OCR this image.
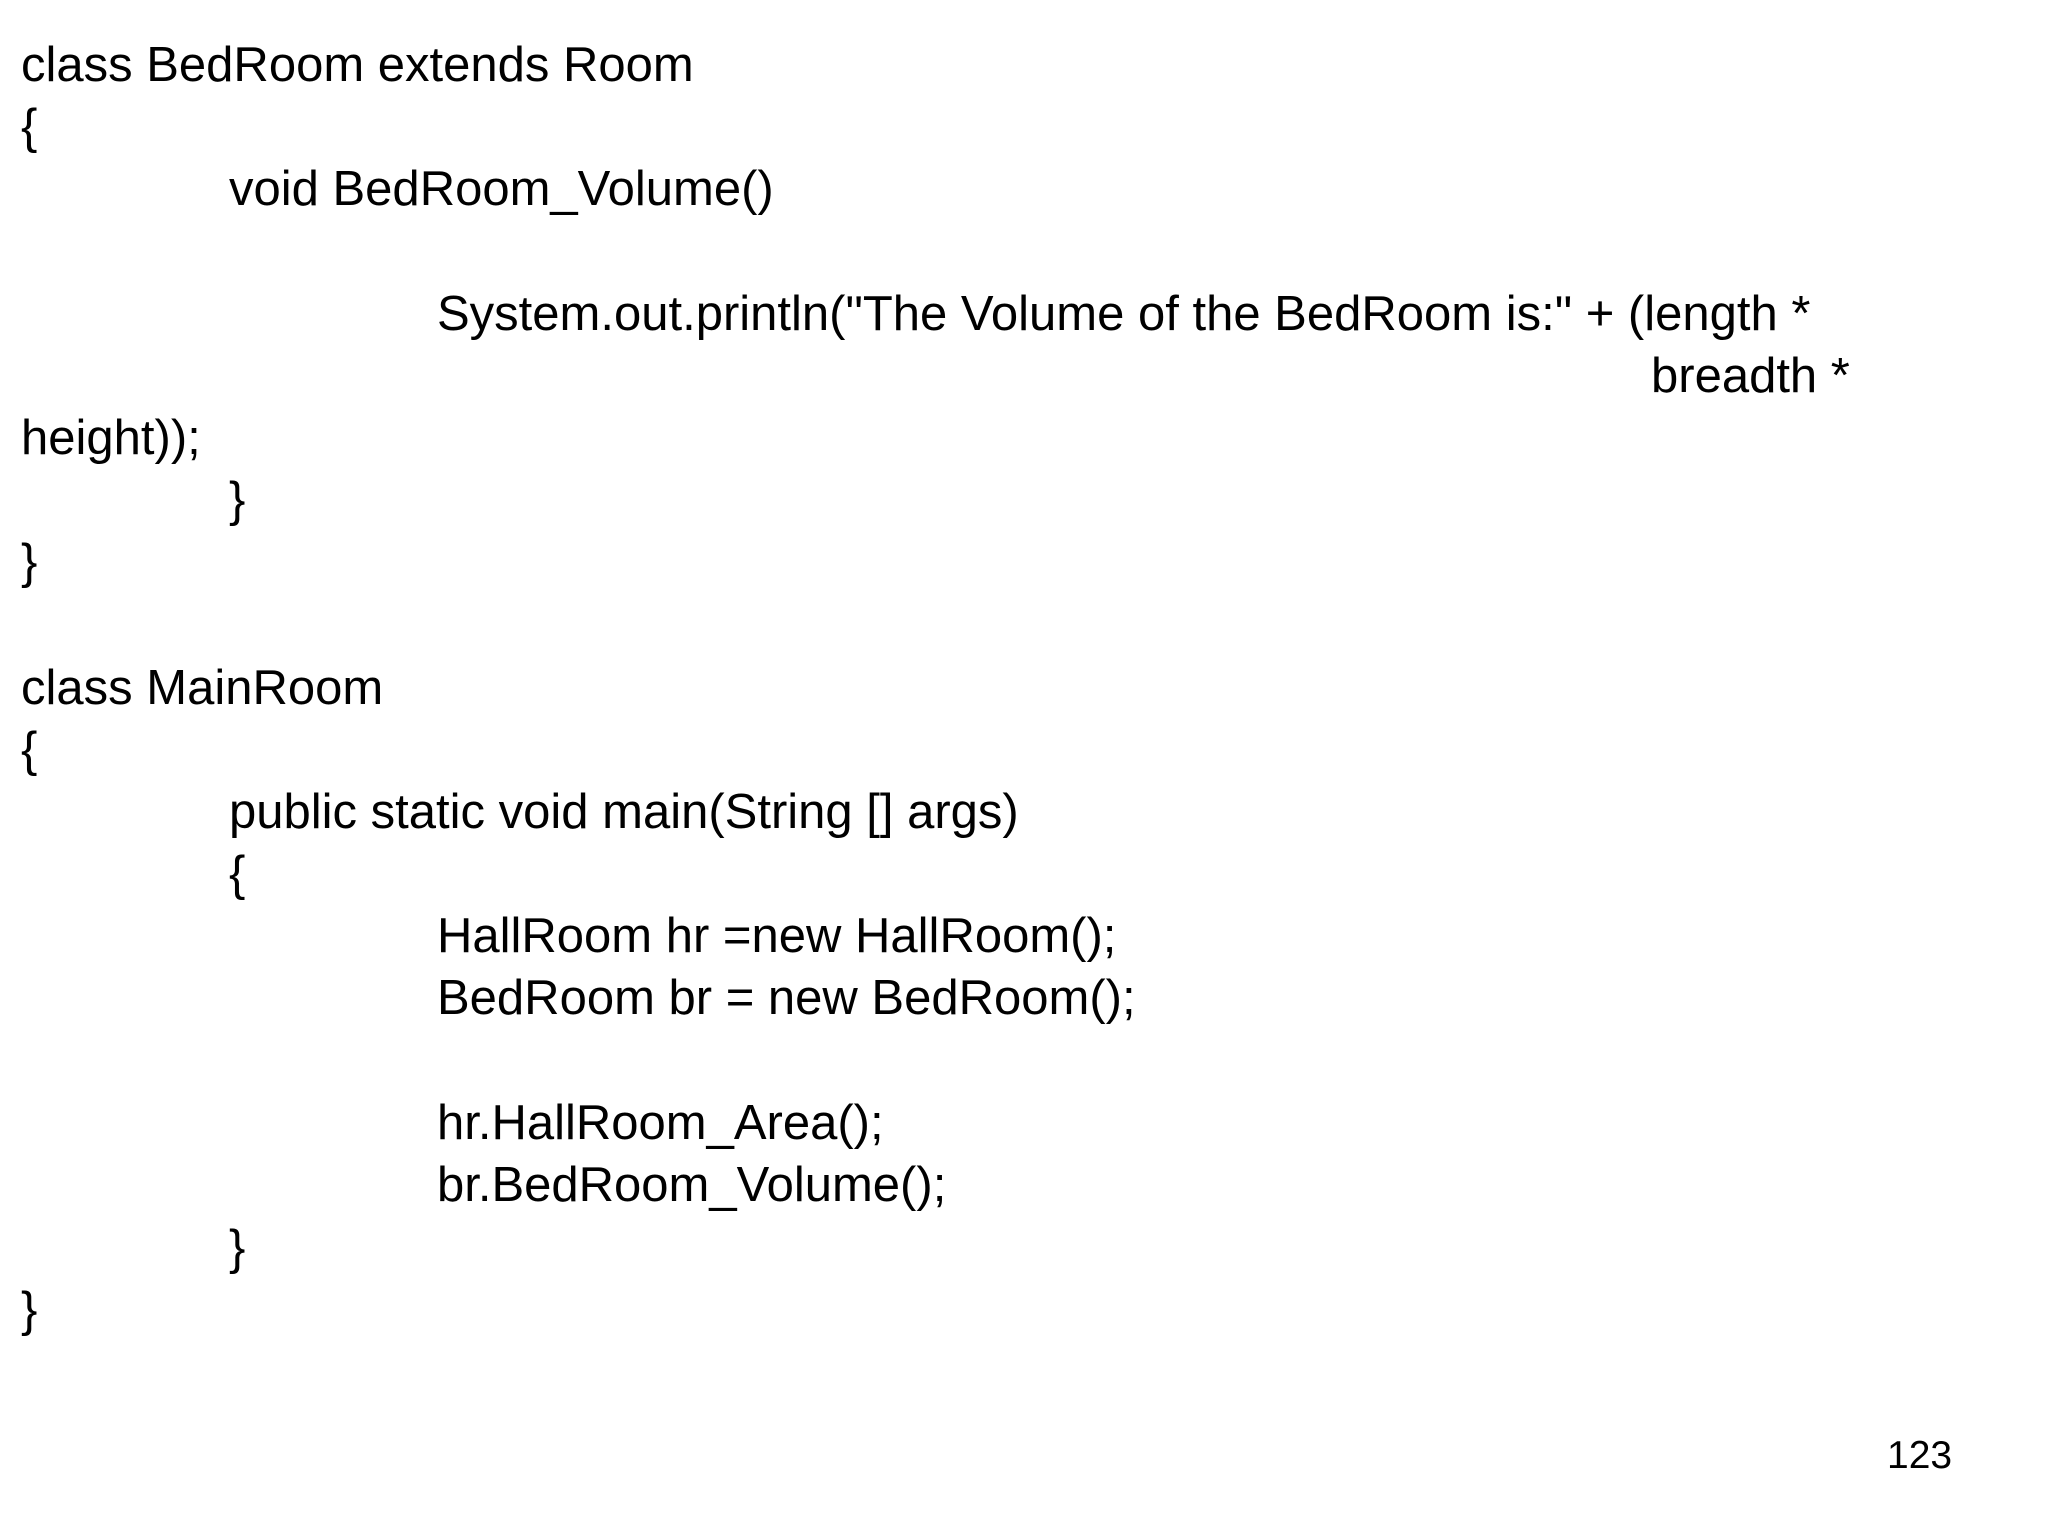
class BedRoom extends Room
{
void BedRoom_Volume()
System.out.println("The Volume of the BedRoom is:" + (length *
breadth *
height));
}
}
class MainRoom
{
public static void main(String [] args)
{
HallRoom hr =new HallRoom();
BedRoom br = new BedRoom();
hr.HallRoom_Area();
br.BedRoom_Volume();
}
}
123
